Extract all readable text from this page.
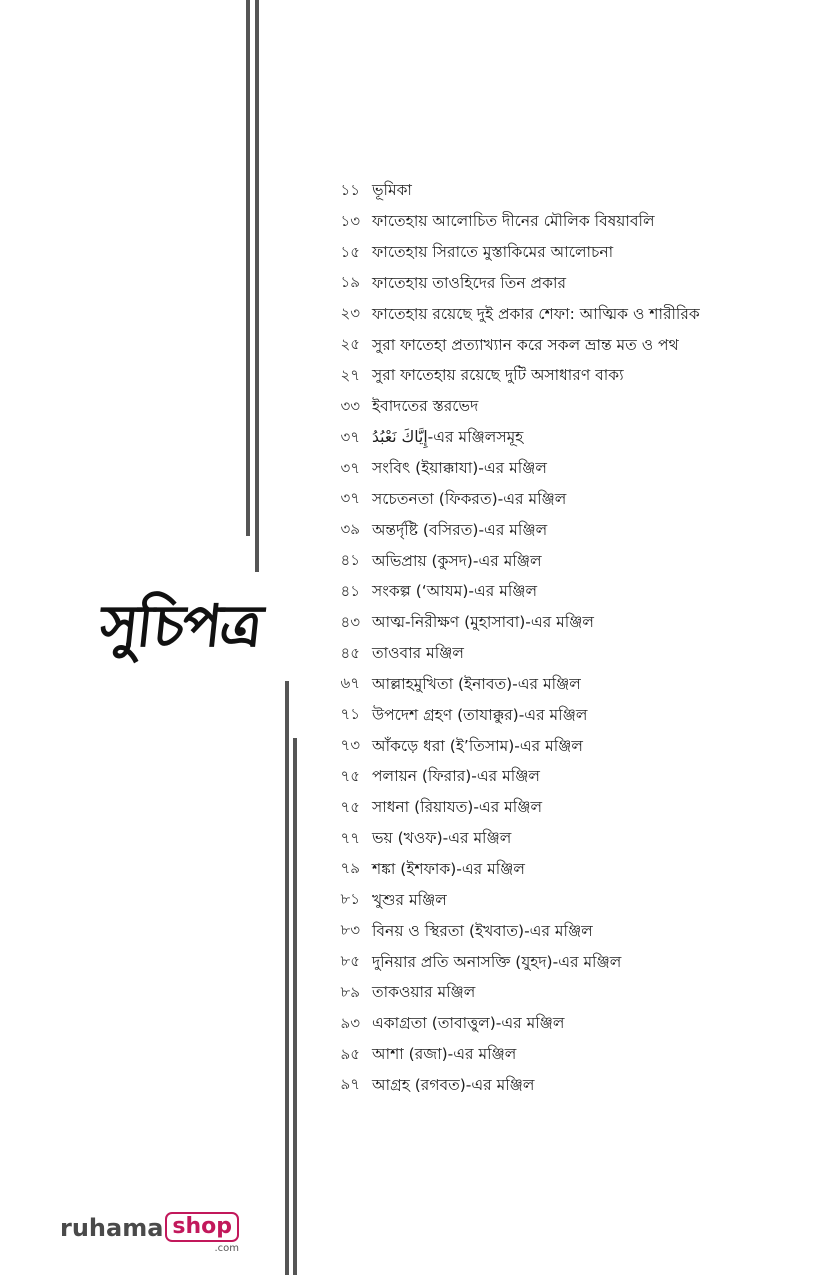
সুচিপত্র
১১ ভূমিকা
১৩ ফাতেহায় আলোচিত দীনের মৌলিক বিষয়াবলি
১৫ ফাতেহায় সিরাতে মুস্তাকিমের আলোচনা
১৯ ফাতেহায় তাওহিদের তিন প্রকার
২৩ ফাতেহায় রয়েছে দুই প্রকার শেফা: আত্মিক ও শারীরিক
২৫ সুরা ফাতেহা প্রত্যাখ্যান করে সকল ভ্রান্ত মত ও পথ
২৭ সুরা ফাতেহায় রয়েছে দুটি অসাধারণ বাক্য
৩৩ ইবাদতের স্তরভেদ
৩৭ إِيَّاكَ نَعْبُدُ-এর মঞ্জিলসমূহ
৩৭ সংবিৎ (ইয়াক্কাযা)-এর মঞ্জিল
৩৭ সচেতনতা (ফিকরত)-এর মঞ্জিল
৩৯ অন্তর্দৃষ্টি (বসিরত)-এর মঞ্জিল
৪১ অভিপ্রায় (কুসদ)-এর মঞ্জিল
৪১ সংকল্প (‘আযম)-এর মঞ্জিল
৪৩ আত্ম-নিরীক্ষণ (মুহাসাবা)-এর মঞ্জিল
৪৫ তাওবার মঞ্জিল
৬৭ আল্লাহমুখিতা (ইনাবত)-এর মঞ্জিল
৭১ উপদেশ গ্রহণ (তাযাক্কুর)-এর মঞ্জিল
৭৩ আঁকড়ে ধরা (ই’তিসাম)-এর মঞ্জিল
৭৫ পলায়ন (ফিরার)-এর মঞ্জিল
৭৫ সাধনা (রিয়াযত)-এর মঞ্জিল
৭৭ ভয় (খওফ)-এর মঞ্জিল
৭৯ শঙ্কা (ইশফাক)-এর মঞ্জিল
৮১ খুশুর মঞ্জিল
৮৩ বিনয় ও স্থিরতা (ইখবাত)-এর মঞ্জিল
৮৫ দুনিয়ার প্রতি অনাসক্তি (যুহদ)-এর মঞ্জিল
৮৯ তাকওয়ার মঞ্জিল
৯৩ একাগ্রতা (তাবাত্তুল)-এর মঞ্জিল
৯৫ আশা (রজা)-এর মঞ্জিল
৯৭ আগ্রহ (রগবত)-এর মঞ্জিল
ruhama shop
.com
